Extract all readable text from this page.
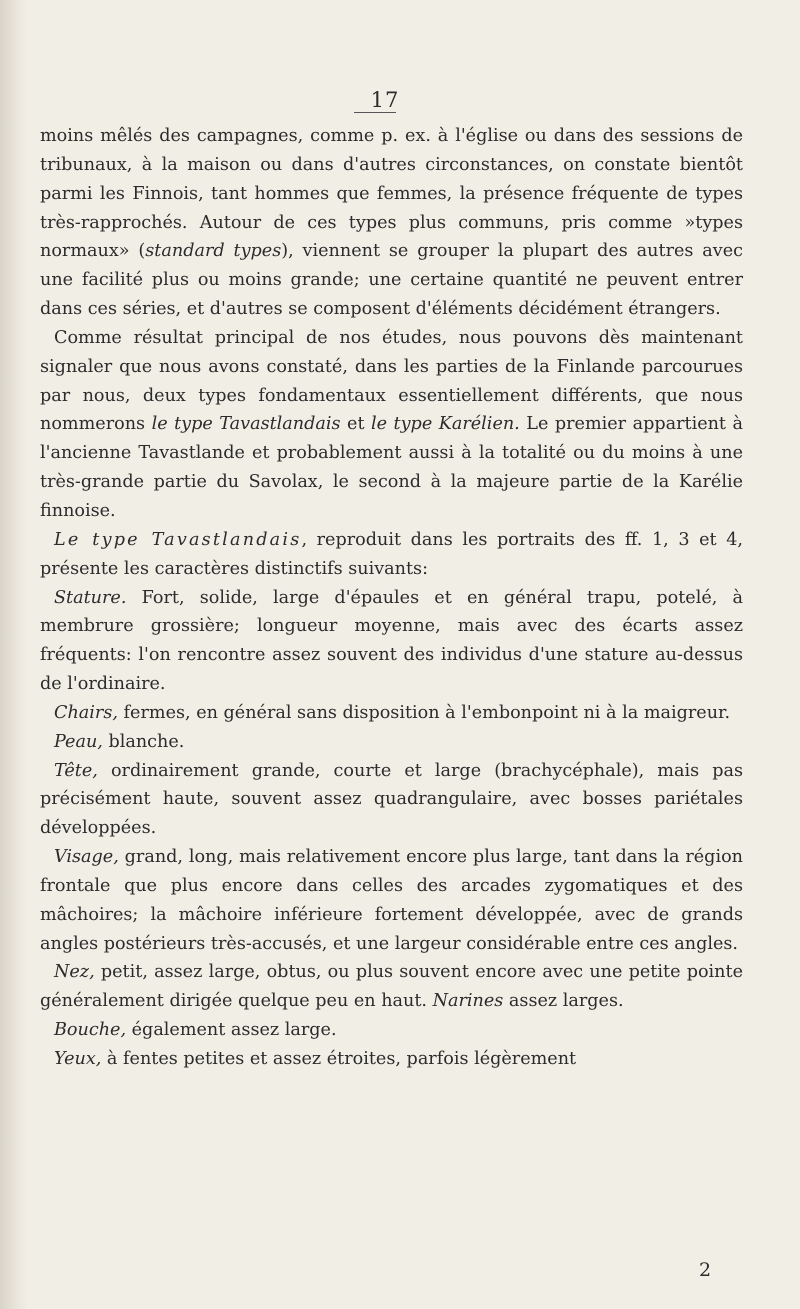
17

moins mêlés des campagnes, comme p. ex. à l'église ou dans des sessions de tribunaux, à la maison ou dans d'autres circonstances, on constate bientôt parmi les Finnois, tant hommes que femmes, la présence fréquente de types très-rapprochés. Autour de ces types plus communs, pris comme »types normaux» (standard types), viennent se grouper la plupart des autres avec une facilité plus ou moins grande; une certaine quantité ne peuvent entrer dans ces séries, et d'autres se composent d'éléments décidément étrangers.

Comme résultat principal de nos études, nous pouvons dès maintenant signaler que nous avons constaté, dans les parties de la Finlande parcourues par nous, deux types fondamentaux essentiellement différents, que nous nommerons le type Tavastlandais et le type Karélien. Le premier appartient à l'ancienne Tavastlande et probablement aussi à la totalité ou du moins à une très-grande partie du Savolax, le second à la majeure partie de la Karélie finnoise.

Le type Tavastlandais, reproduit dans les portraits des ff. 1, 3 et 4, présente les caractères distinctifs suivants:

Stature. Fort, solide, large d'épaules et en général trapu, potelé, à membrure grossière; longueur moyenne, mais avec des écarts assez fréquents: l'on rencontre assez souvent des individus d'une stature au-dessus de l'ordinaire.

Chairs, fermes, en général sans disposition à l'embonpoint ni à la maigreur.

Peau, blanche.

Tête, ordinairement grande, courte et large (brachycéphale), mais pas précisément haute, souvent assez quadrangulaire, avec bosses pariétales développées.

Visage, grand, long, mais relativement encore plus large, tant dans la région frontale que plus encore dans celles des arcades zygomatiques et des mâchoires; la mâchoire inférieure fortement développée, avec de grands angles postérieurs très-accusés, et une largeur considérable entre ces angles.

Nez, petit, assez large, obtus, ou plus souvent encore avec une petite pointe généralement dirigée quelque peu en haut. Narines assez larges.

Bouche, également assez large.

Yeux, à fentes petites et assez étroites, parfois légèrement

2
